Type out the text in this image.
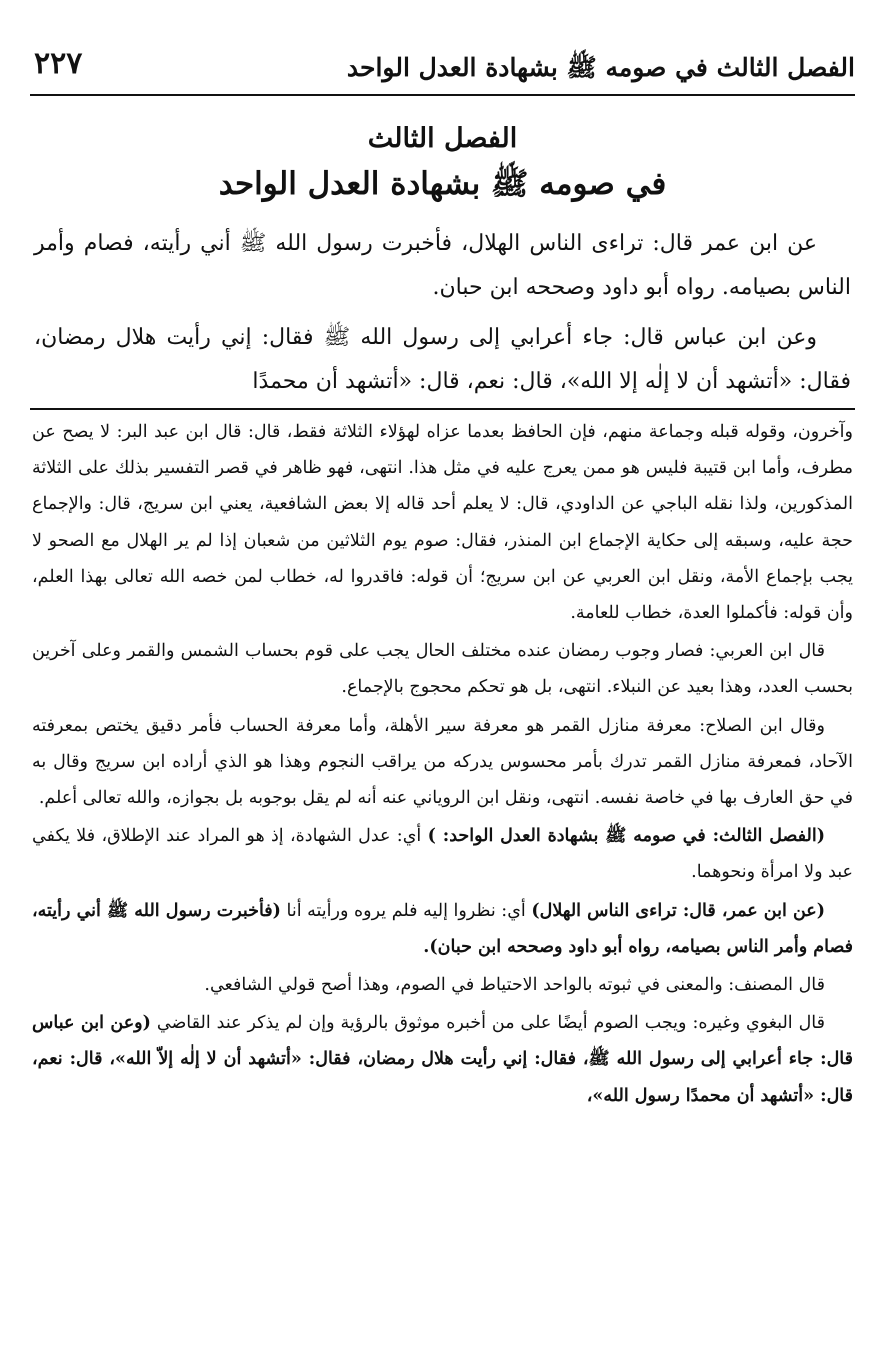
الفصل الثالث في صومه ﷺ بشهادة العدل الواحد
٢٢٧
الفصل الثالث
في صومه ﷺ بشهادة العدل الواحد

عن ابن عمر قال: تراءى الناس الهلال، فأخبرت رسول الله ﷺ أني رأيته، فصام وأمر الناس بصيامه. رواه أبو داود وصححه ابن حبان.

وعن ابن عباس قال: جاء أعرابي إلى رسول الله ﷺ فقال: إني رأيت هلال رمضان، فقال: «أتشهد أن لا إلٰه إلا الله»، قال: نعم، قال: «أتشهد أن محمدًا

وآخرون، وقوله قبله وجماعة منهم، فإن الحافظ بعدما عزاه لهؤلاء الثلاثة فقط، قال: قال ابن عبد البر: لا يصح عن مطرف، وأما ابن قتيبة فليس هو ممن يعرج عليه في مثل هذا. انتهى، فهو ظاهر في قصر التفسير بذلك على الثلاثة المذكورين، ولذا نقله الباجي عن الداودي، قال: لا يعلم أحد قاله إلا بعض الشافعية، يعني ابن سريج، قال: والإجماع حجة عليه، وسبقه إلى حكاية الإجماع ابن المنذر، فقال: صوم يوم الثلاثين من شعبان إذا لم ير الهلال مع الصحو لا يجب بإجماع الأمة، ونقل ابن العربي عن ابن سريج؛ أن قوله: فاقدروا له، خطاب لمن خصه الله تعالى بهذا العلم، وأن قوله: فأكملوا العدة، خطاب للعامة.

قال ابن العربي: فصار وجوب رمضان عنده مختلف الحال يجب على قوم بحساب الشمس والقمر وعلى آخرين بحسب العدد، وهذا بعيد عن النبلاء. انتهى، بل هو تحكم محجوج بالإجماع.

وقال ابن الصلاح: معرفة منازل القمر هو معرفة سير الأهلة، وأما معرفة الحساب فأمر دقيق يختص بمعرفته الآحاد، فمعرفة منازل القمر تدرك بأمر محسوس يدركه من يراقب النجوم وهذا هو الذي أراده ابن سريج وقال به في حق العارف بها في خاصة نفسه. انتهى، ونقل ابن الروياني عنه أنه لم يقل بوجوبه بل بجوازه، والله تعالى أعلم.

(الفصل الثالث: في صومه ﷺ بشهادة العدل الواحد: ) أي: عدل الشهادة، إذ هو المراد عند الإطلاق، فلا يكفي عبد ولا امرأة ونحوهما.

(عن ابن عمر، قال: تراءى الناس الهلال) أي: نظروا إليه فلم يروه ورأيته أنا (فأخبرت رسول الله ﷺ أني رأيته، فصام وأمر الناس بصيامه، رواه أبو داود وصححه ابن حبان).

قال المصنف: والمعنى في ثبوته بالواحد الاحتياط في الصوم، وهذا أصح قولي الشافعي.

قال البغوي وغيره: ويجب الصوم أيضًا على من أخبره موثوق بالرؤية وإن لم يذكر عند القاضي (وعن ابن عباس قال: جاء أعرابي إلى رسول الله ﷺ، فقال: إني رأيت هلال رمضان، فقال: «أتشهد أن لا إلٰه إلاّ الله»، قال: نعم، قال: «أتشهد أن محمدًا رسول الله»،
